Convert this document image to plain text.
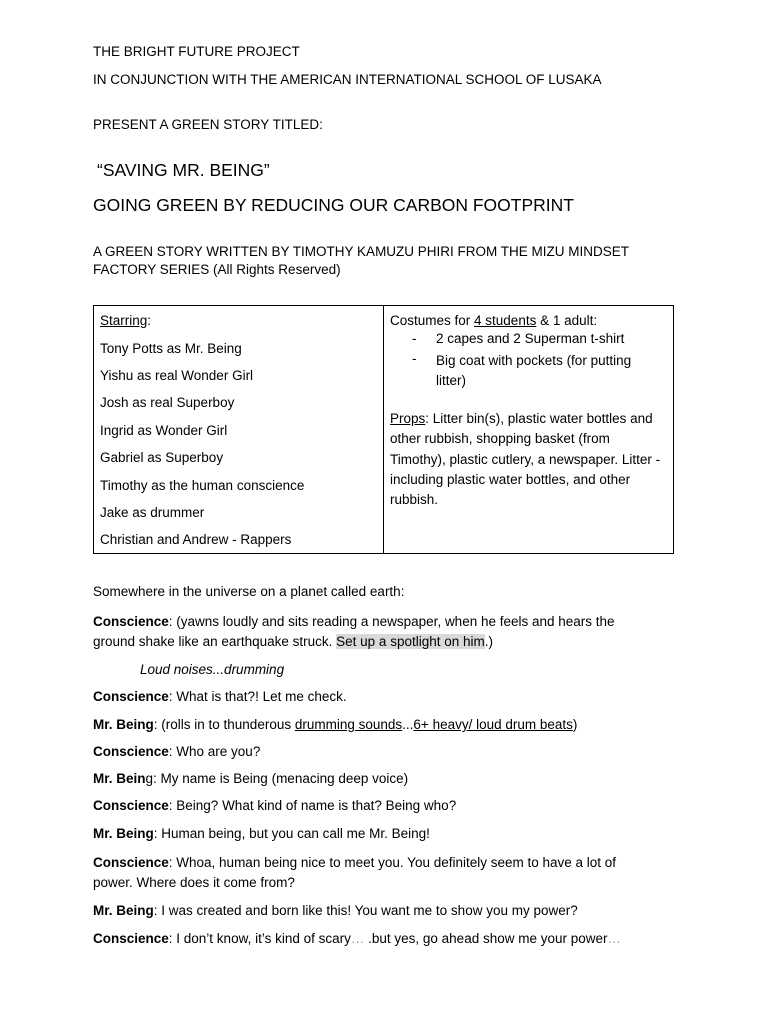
THE BRIGHT FUTURE PROJECT
IN CONJUNCTION WITH THE AMERICAN INTERNATIONAL SCHOOL OF LUSAKA
PRESENT A GREEN STORY TITLED:
“SAVING MR. BEING”
GOING GREEN BY REDUCING OUR CARBON FOOTPRINT
A GREEN STORY WRITTEN BY TIMOTHY KAMUZU PHIRI FROM THE MIZU MINDSET FACTORY SERIES (All Rights Reserved)
Starring:
Tony Potts as Mr. Being
Yishu as real Wonder Girl
Josh as real Superboy
Ingrid as Wonder Girl
Gabriel as Superboy
Timothy as the human conscience
Jake as drummer
Christian and Andrew - Rappers
Costumes for 4 students & 1 adult:
- 2 capes and 2 Superman t-shirt
- Big coat with pockets (for putting litter)
Props: Litter bin(s), plastic water bottles and other rubbish, shopping basket (from Timothy), plastic cutlery, a newspaper. Litter - including plastic water bottles, and other rubbish.
Somewhere in the universe on a planet called earth:
Conscience: (yawns loudly and sits reading a newspaper, when he feels and hears the ground shake like an earthquake struck. Set up a spotlight on him.)
Loud noises...drumming
Conscience: What is that?! Let me check.
Mr. Being: (rolls in to thunderous drumming sounds...6+ heavy/ loud drum beats)
Conscience: Who are you?
Mr. Being: My name is Being (menacing deep voice)
Conscience: Being? What kind of name is that? Being who?
Mr. Being: Human being, but you can call me Mr. Being!
Conscience: Whoa, human being nice to meet you. You definitely seem to have a lot of power. Where does it come from?
Mr. Being: I was created and born like this! You want me to show you my power?
Conscience: I don’t know, it’s kind of scary… .but yes, go ahead show me your power…
